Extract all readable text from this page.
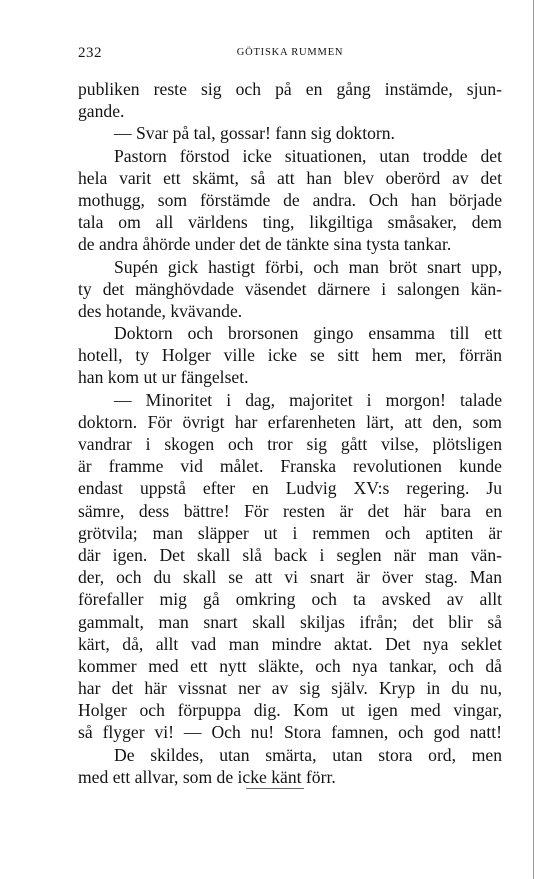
232	GÖTISKA RUMMEN
publiken reste sig och på en gång instämde, sjun-
gande.
— Svar på tal, gossar! fann sig doktorn.
Pastorn förstod icke situationen, utan trodde det
hela varit ett skämt, så att han blev oberörd av det
mothugg, som förstämde de andra. Och han började
tala om all världens ting, likgiltiga småsaker, dem
de andra åhörde under det de tänkte sina tysta tankar.
Supén gick hastigt förbi, och man bröt snart upp,
ty det mänghövdade väsendet därnere i salongen kän-
des hotande, kvävande.
Doktorn och brorsonen gingo ensamma till ett
hotell, ty Holger ville icke se sitt hem mer, förrän
han kom ut ur fängelset.
— Minoritet i dag, majoritet i morgon! talade
doktorn. För övrigt har erfarenheten lärt, att den, som
vandrar i skogen och tror sig gått vilse, plötsligen
är framme vid målet. Franska revolutionen kunde
endast uppstå efter en Ludvig XV:s regering. Ju
sämre, dess bättre! För resten är det här bara en
grötvila; man släpper ut i remmen och aptiten är
där igen. Det skall slå back i seglen när man vän-
der, och du skall se att vi snart är över stag. Man
förefaller mig gå omkring och ta avsked av allt
gammalt, man snart skall skiljas ifrån; det blir så
kärt, då, allt vad man mindre aktat. Det nya seklet
kommer med ett nytt släkte, och nya tankar, och då
har det här vissnat ner av sig själv. Kryp in du nu,
Holger och förpuppa dig. Kom ut igen med vingar,
så flyger vi! — Och nu! Stora famnen, och god natt!
De skildes, utan smärta, utan stora ord, men
med ett allvar, som de icke känt förr.
